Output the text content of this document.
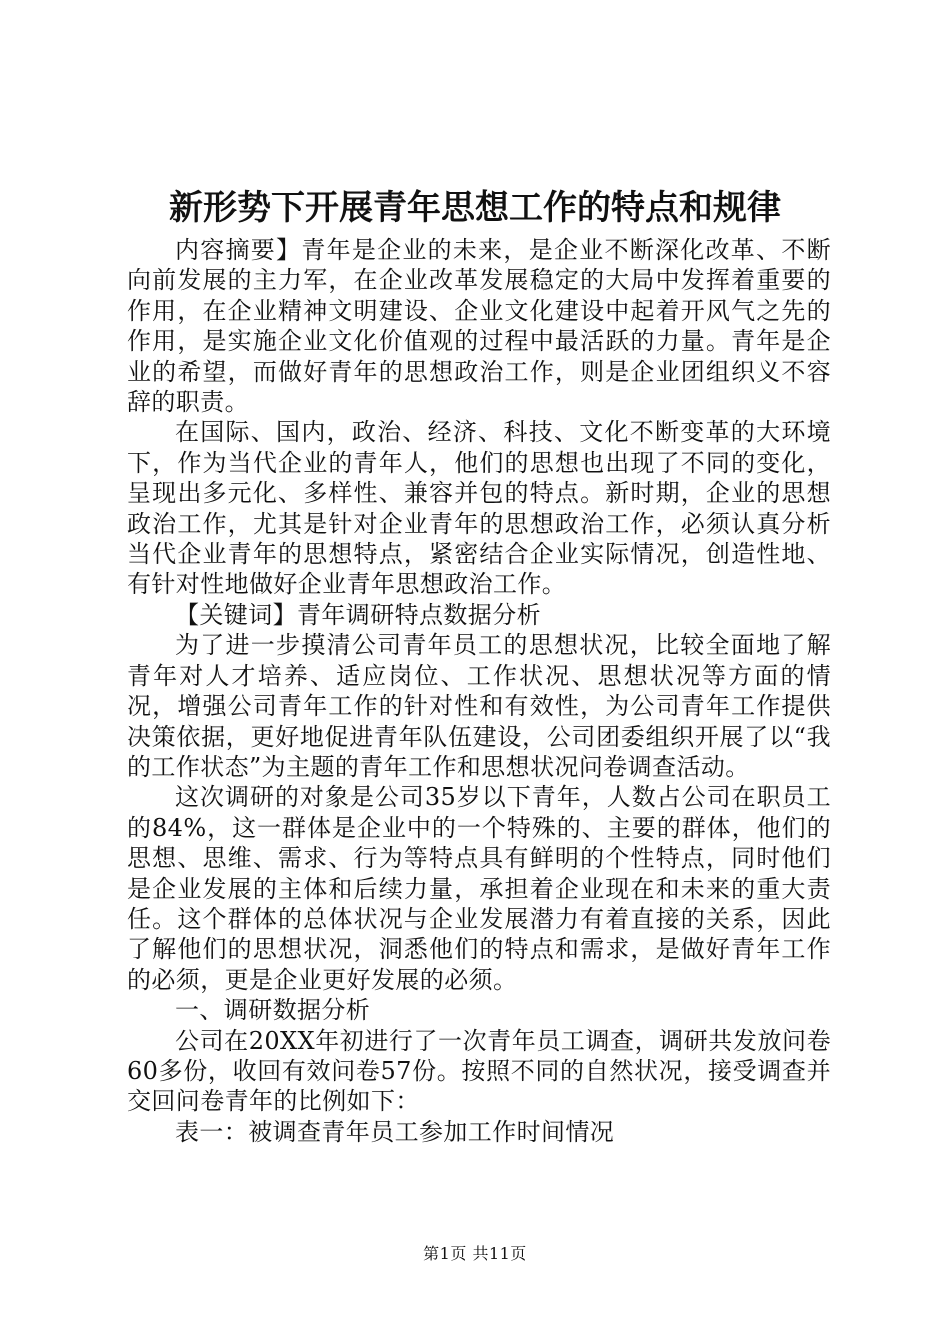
新形势下开展青年思想工作的特点和规律

内容摘要】青年是企业的未来，是企业不断深化改革、不断向前发展的主力军，在企业改革发展稳定的大局中发挥着重要的作用，在企业精神文明建设、企业文化建设中起着开风气之先的作用，是实施企业文化价值观的过程中最活跃的力量。青年是企业的希望，而做好青年的思想政治工作，则是企业团组织义不容辞的职责。

在国际、国内，政治、经济、科技、文化不断变革的大环境下，作为当代企业的青年人，他们的思想也出现了不同的变化，呈现出多元化、多样性、兼容并包的特点。新时期，企业的思想政治工作，尤其是针对企业青年的思想政治工作，必须认真分析当代企业青年的思想特点，紧密结合企业实际情况，创造性地、有针对性地做好企业青年思想政治工作。

【关键词】青年调研特点数据分析

为了进一步摸清公司青年员工的思想状况，比较全面地了解青年对人才培养、适应岗位、工作状况、思想状况等方面的情况，增强公司青年工作的针对性和有效性，为公司青年工作提供决策依据，更好地促进青年队伍建设，公司团委组织开展了以“我的工作状态”为主题的青年工作和思想状况问卷调查活动。

这次调研的对象是公司35岁以下青年，人数占公司在职员工的84%，这一群体是企业中的一个特殊的、主要的群体，他们的思想、思维、需求、行为等特点具有鲜明的个性特点，同时他们是企业发展的主体和后续力量，承担着企业现在和未来的重大责任。这个群体的总体状况与企业发展潜力有着直接的关系，因此了解他们的思想状况，洞悉他们的特点和需求，是做好青年工作的必须，更是企业更好发展的必须。

一、调研数据分析

公司在20XX年初进行了一次青年员工调查，调研共发放问卷60多份，收回有效问卷57份。按照不同的自然状况，接受调查并交回问卷青年的比例如下：

表一：被调查青年员工参加工作时间情况

第1页 共11页
